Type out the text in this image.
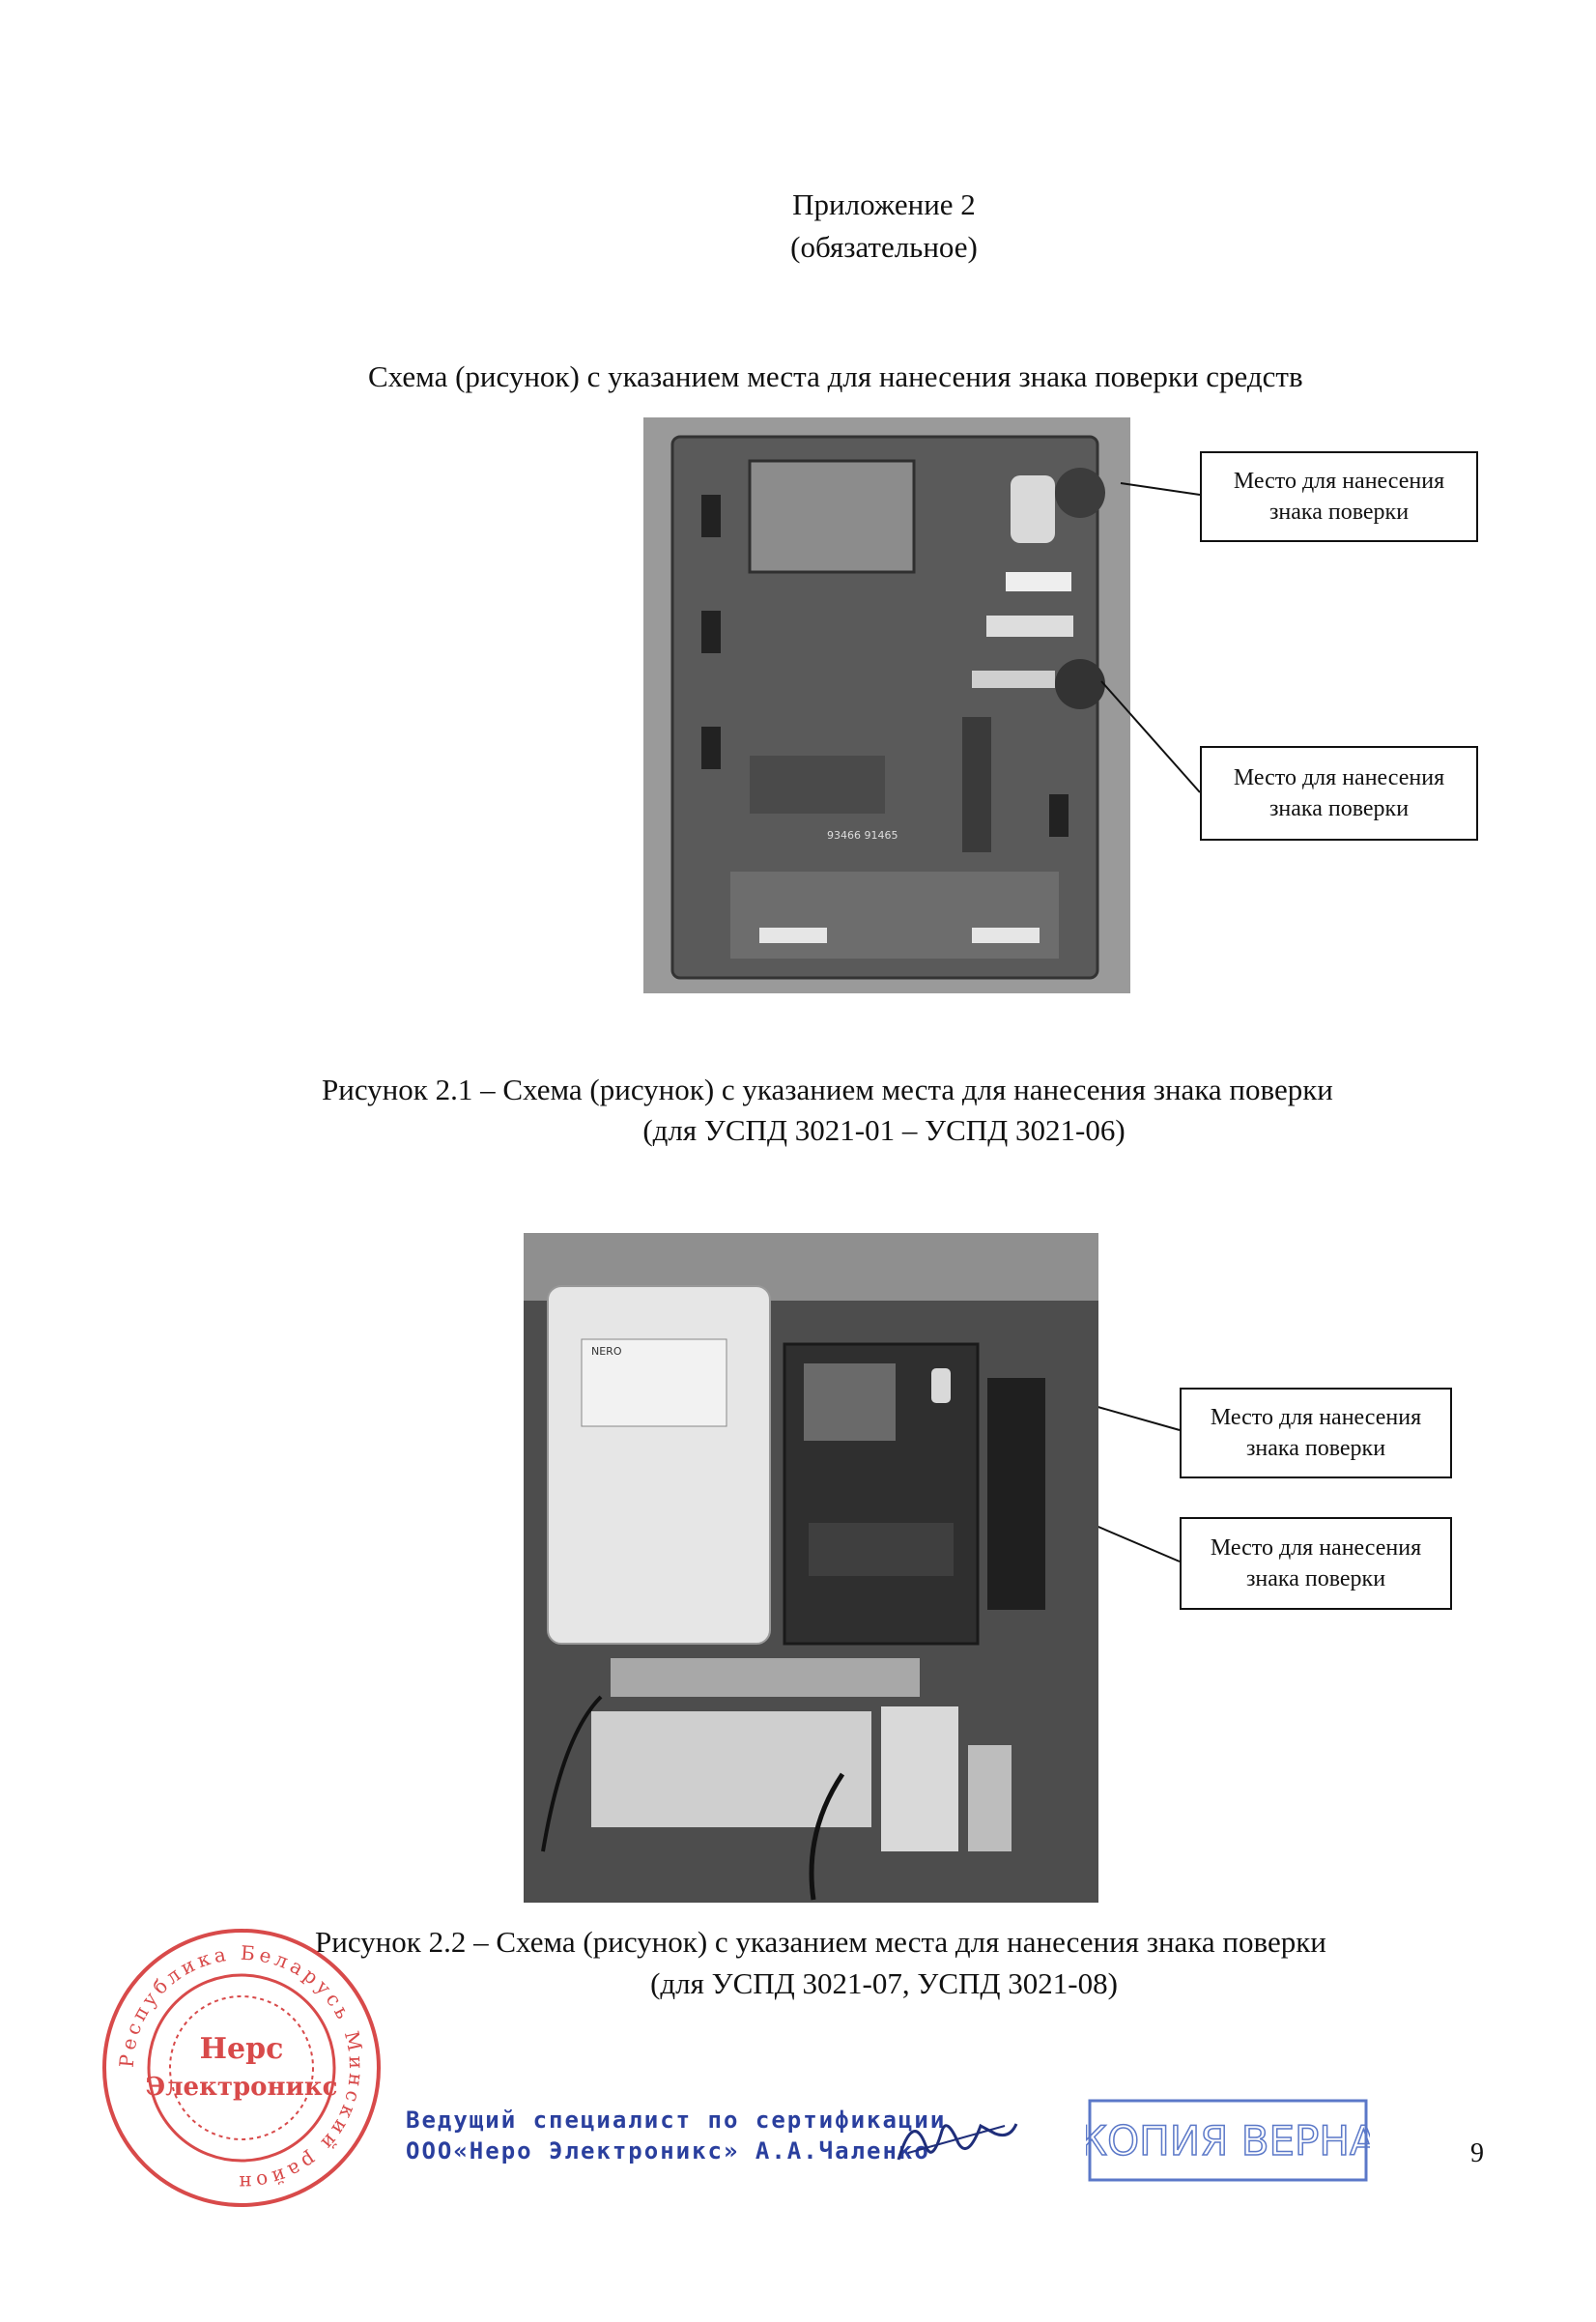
Приложение 2
(обязательное)
Схема (рисунок) с указанием места для нанесения знака поверки средств
93466 91465
Место для нанесения
знака поверки
Место для нанесения
знака поверки
Рисунок 2.1 – Схема (рисунок) с указанием места для нанесения знака поверки
(для УСПД 3021-01 – УСПД 3021-06)
NERO
Место для нанесения
знака поверки
Место для нанесения
знака поверки
Рисунок 2.2 – Схема (рисунок) с указанием места для нанесения знака поверки
(для УСПД 3021-07, УСПД 3021-08)
Республика Беларусь Минский район
Нерс
Электроникс
Ведущий специалист по сертификации
ООО«Неро Электроникс» А.А.Чаленко	КОПИЯ ВЕРНА	9
